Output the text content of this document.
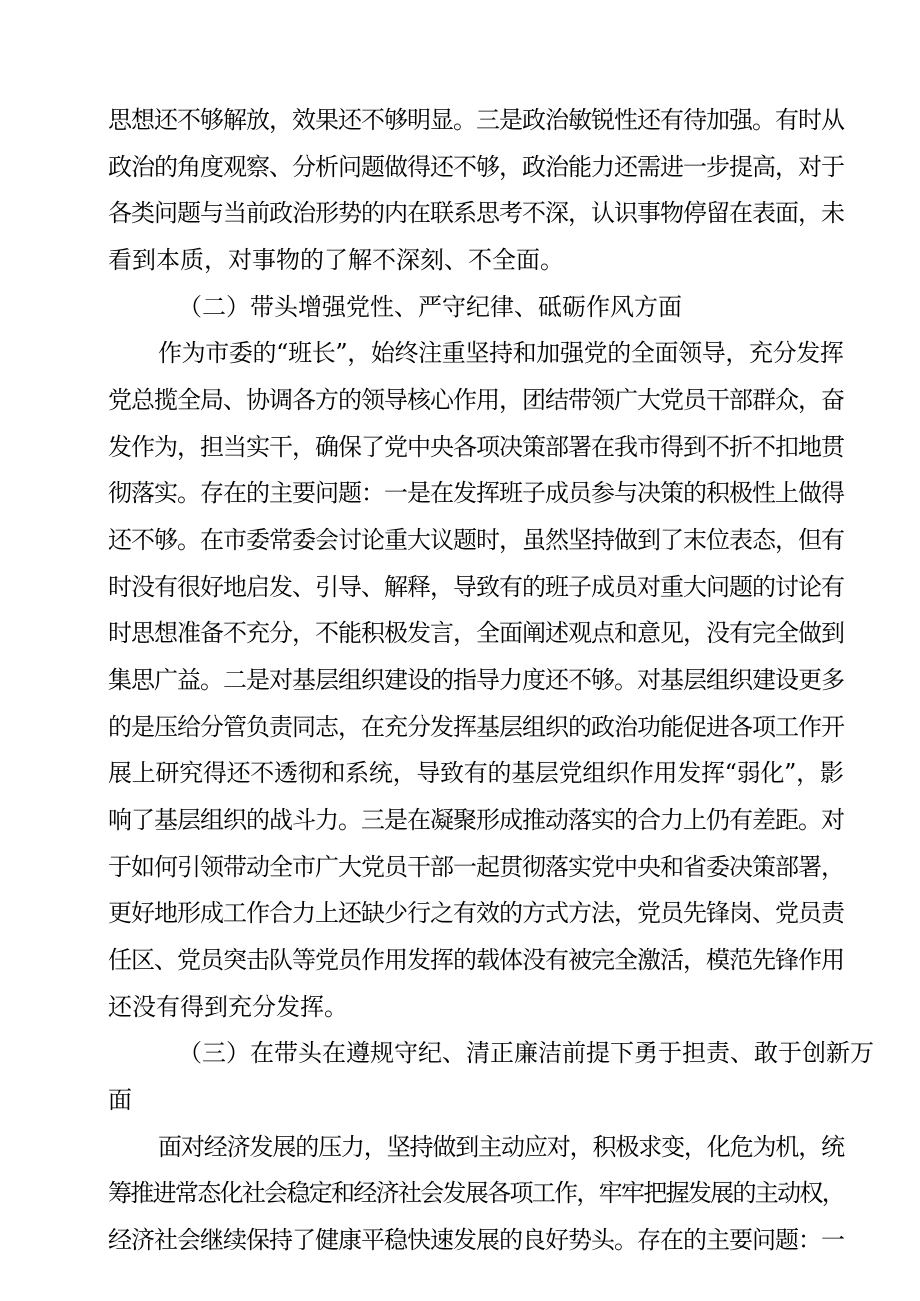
思想还不够解放，效果还不够明显。三是政治敏锐性还有待加强。有时从
政治的角度观察、分析问题做得还不够，政治能力还需进一步提高，对于
各类问题与当前政治形势的内在联系思考不深，认识事物停留在表面，未
看到本质，对事物的了解不深刻、不全面。
（二）带头增强党性、严守纪律、砥砺作风方面
作为市委的“班长”，始终注重坚持和加强党的全面领导，充分发挥
党总揽全局、协调各方的领导核心作用，团结带领广大党员干部群众，奋
发作为，担当实干，确保了党中央各项决策部署在我市得到不折不扣地贯
彻落实。存在的主要问题：一是在发挥班子成员参与决策的积极性上做得
还不够。在市委常委会讨论重大议题时，虽然坚持做到了末位表态，但有
时没有很好地启发、引导、解释，导致有的班子成员对重大问题的讨论有
时思想准备不充分，不能积极发言，全面阐述观点和意见，没有完全做到
集思广益。二是对基层组织建设的指导力度还不够。对基层组织建设更多
的是压给分管负责同志，在充分发挥基层组织的政治功能促进各项工作开
展上研究得还不透彻和系统，导致有的基层党组织作用发挥“弱化”，影
响了基层组织的战斗力。三是在凝聚形成推动落实的合力上仍有差距。对
于如何引领带动全市广大党员干部一起贯彻落实党中央和省委决策部署，
更好地形成工作合力上还缺少行之有效的方式方法，党员先锋岗、党员责
任区、党员突击队等党员作用发挥的载体没有被完全激活，模范先锋作用
还没有得到充分发挥。
（三）在带头在遵规守纪、清正廉洁前提下勇于担责、敢于创新万
面
面对经济发展的压力，坚持做到主动应对，积极求变，化危为机，统
筹推进常态化社会稳定和经济社会发展各项工作，牢牢把握发展的主动权，
经济社会继续保持了健康平稳快速发展的良好势头。存在的主要问题：一
